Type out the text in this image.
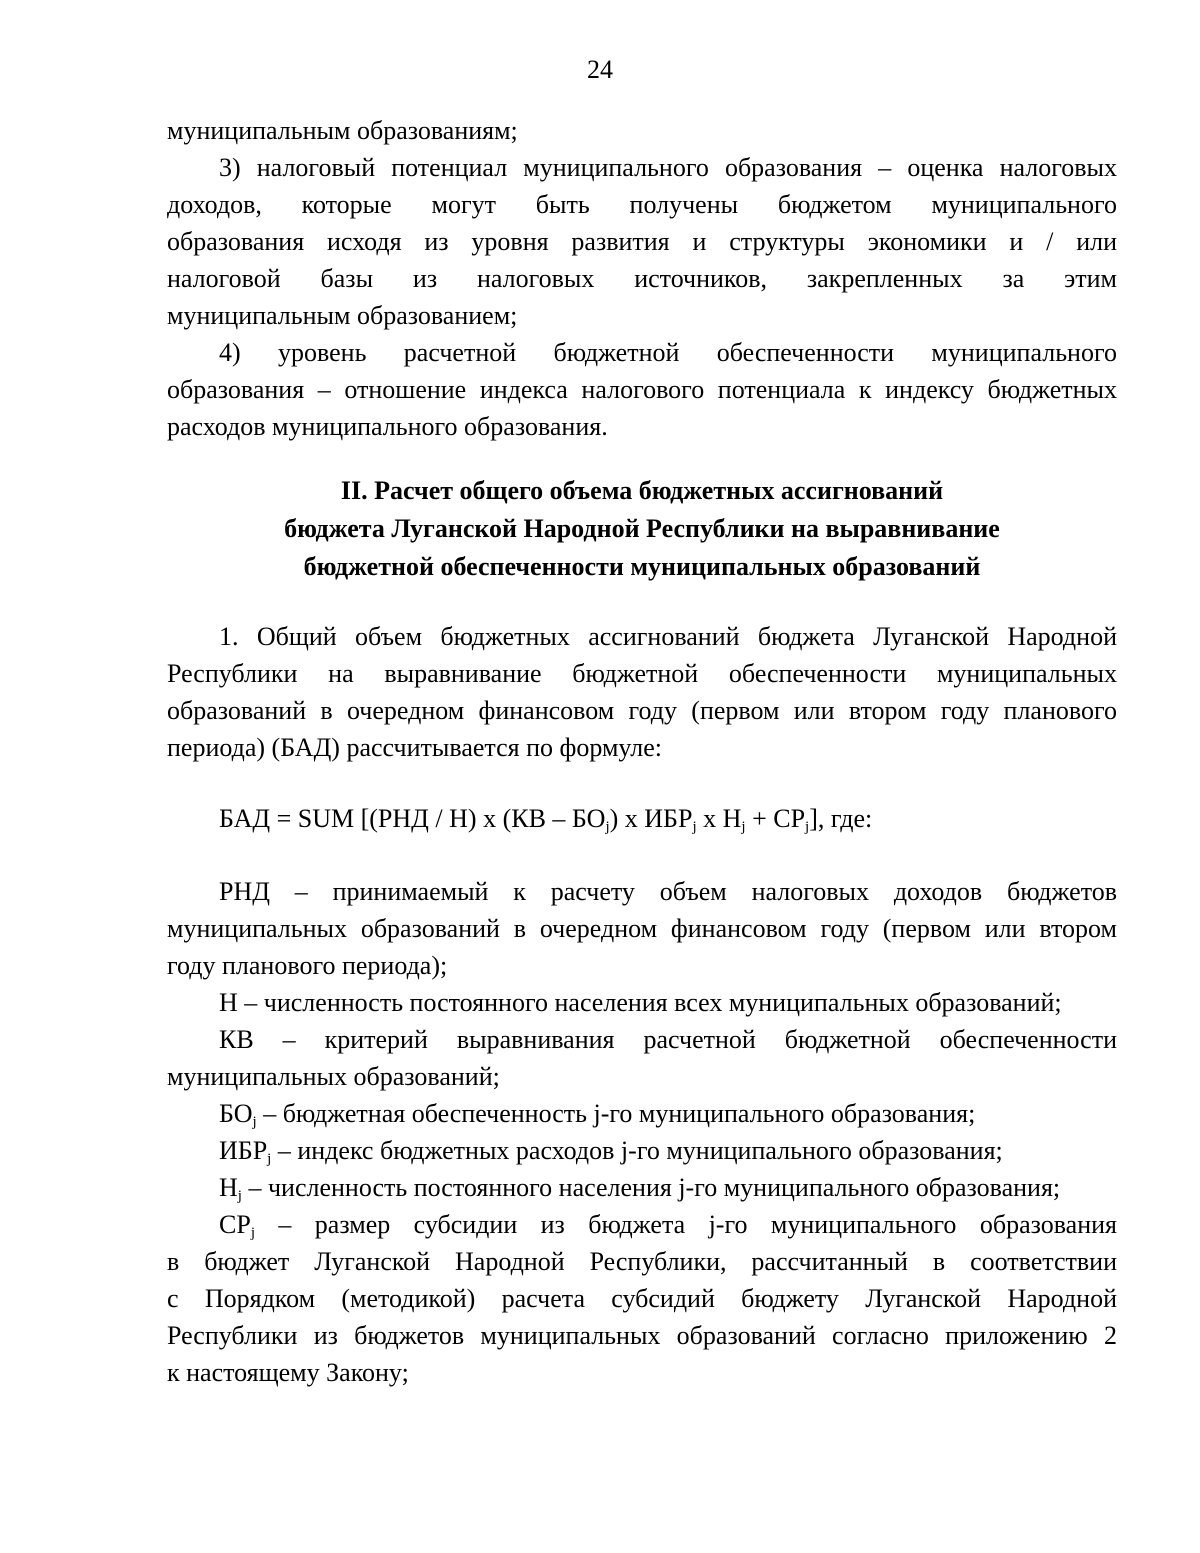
24
муниципальным образованиям;
3) налоговый потенциал муниципального образования – оценка налоговых
доходов, которые могут быть получены бюджетом муниципального
образования исходя из уровня развития и структуры экономики и / или
налоговой базы из налоговых источников, закрепленных за этим
муниципальным образованием;
4) уровень расчетной бюджетной обеспеченности муниципального
образования – отношение индекса налогового потенциала к индексу бюджетных
расходов муниципального образования.
II. Расчет общего объема бюджетных ассигнований
бюджета Луганской Народной Республики на выравнивание
бюджетной обеспеченности муниципальных образований
1. Общий объем бюджетных ассигнований бюджета Луганской Народной
Республики на выравнивание бюджетной обеспеченности муниципальных
образований в очередном финансовом году (первом или втором году планового
периода) (БАД) рассчитывается по формуле:
БАД = SUM [(РНД / Н) x $(КВ - БО_j)$ x $ИБР_j$ x $Н_j + СР_j$], где:
РНД – принимаемый к расчету объем налоговых доходов бюджетов
муниципальных образований в очередном финансовом году (первом или втором
году планового периода);
Н – численность постоянного населения всех муниципальных образований;
КВ – критерий выравнивания расчетной бюджетной обеспеченности
муниципальных образований;
$БО_j$ – бюджетная обеспеченность j-го муниципального образования;
$ИБР_j$ – индекс бюджетных расходов j-го муниципального образования;
$Н_j$ – численность постоянного населения j-го муниципального образования;
$СР_j$ – размер субсидии из бюджета j-го муниципального образования
в бюджет Луганской Народной Республики, рассчитанный в соответствии
с Порядком (методикой) расчета субсидий бюджету Луганской Народной
Республики из бюджетов муниципальных образований согласно приложению 2
к настоящему Закону;
